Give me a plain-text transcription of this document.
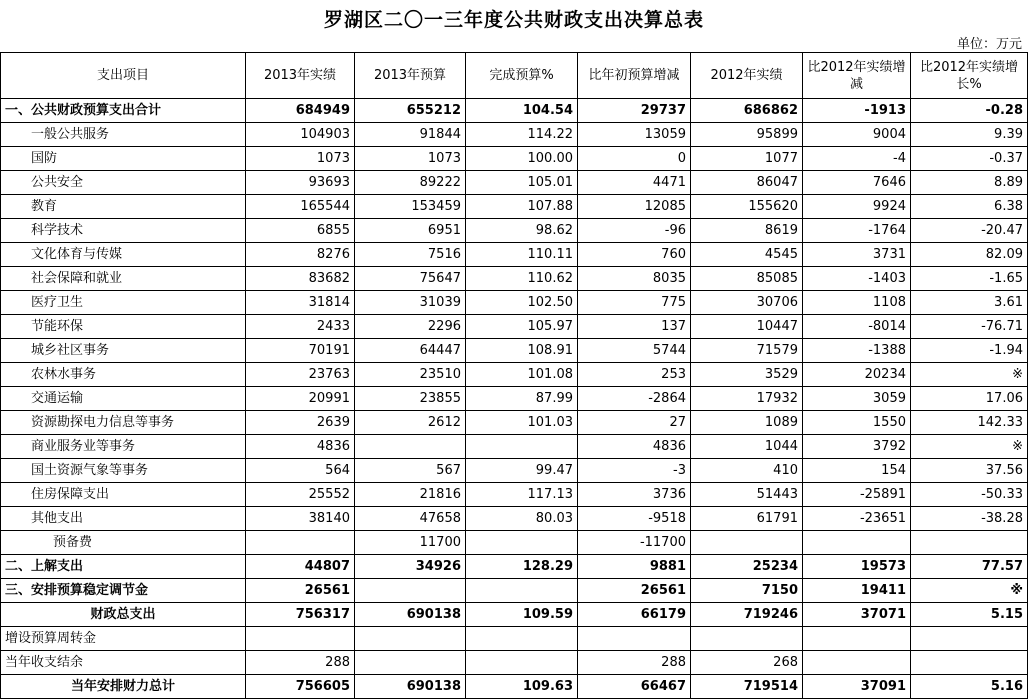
罗湖区二〇一三年度公共财政支出决算总表
单位：万元
支出项目	2013年实绩	2013年预算	完成预算%	比年初预算增减	2012年实绩	比2012年实绩增减	比2012年实绩增长%
一、公共财政预算支出合计	684949	655212	104.54	29737	686862	-1913	-0.28
一般公共服务	104903	91844	114.22	13059	95899	9004	9.39
国防	1073	1073	100.00	0	1077	-4	-0.37
公共安全	93693	89222	105.01	4471	86047	7646	8.89
教育	165544	153459	107.88	12085	155620	9924	6.38
科学技术	6855	6951	98.62	-96	8619	-1764	-20.47
文化体育与传媒	8276	7516	110.11	760	4545	3731	82.09
社会保障和就业	83682	75647	110.62	8035	85085	-1403	-1.65
医疗卫生	31814	31039	102.50	775	30706	1108	3.61
节能环保	2433	2296	105.97	137	10447	-8014	-76.71
城乡社区事务	70191	64447	108.91	5744	71579	-1388	-1.94
农林水事务	23763	23510	101.08	253	3529	20234	※
交通运输	20991	23855	87.99	-2864	17932	3059	17.06
资源勘探电力信息等事务	2639	2612	101.03	27	1089	1550	142.33
商业服务业等事务	4836			4836	1044	3792	※
国土资源气象等事务	564	567	99.47	-3	410	154	37.56
住房保障支出	25552	21816	117.13	3736	51443	-25891	-50.33
其他支出	38140	47658	80.03	-9518	61791	-23651	-38.28
预备费		11700		-11700			
二、上解支出	44807	34926	128.29	9881	25234	19573	77.57
三、安排预算稳定调节金	26561			26561	7150	19411	※
财政总支出	756317	690138	109.59	66179	719246	37071	5.15
增设预算周转金							
当年收支结余	288			288	268		
当年安排财力总计	756605	690138	109.63	66467	719514	37091	5.16
